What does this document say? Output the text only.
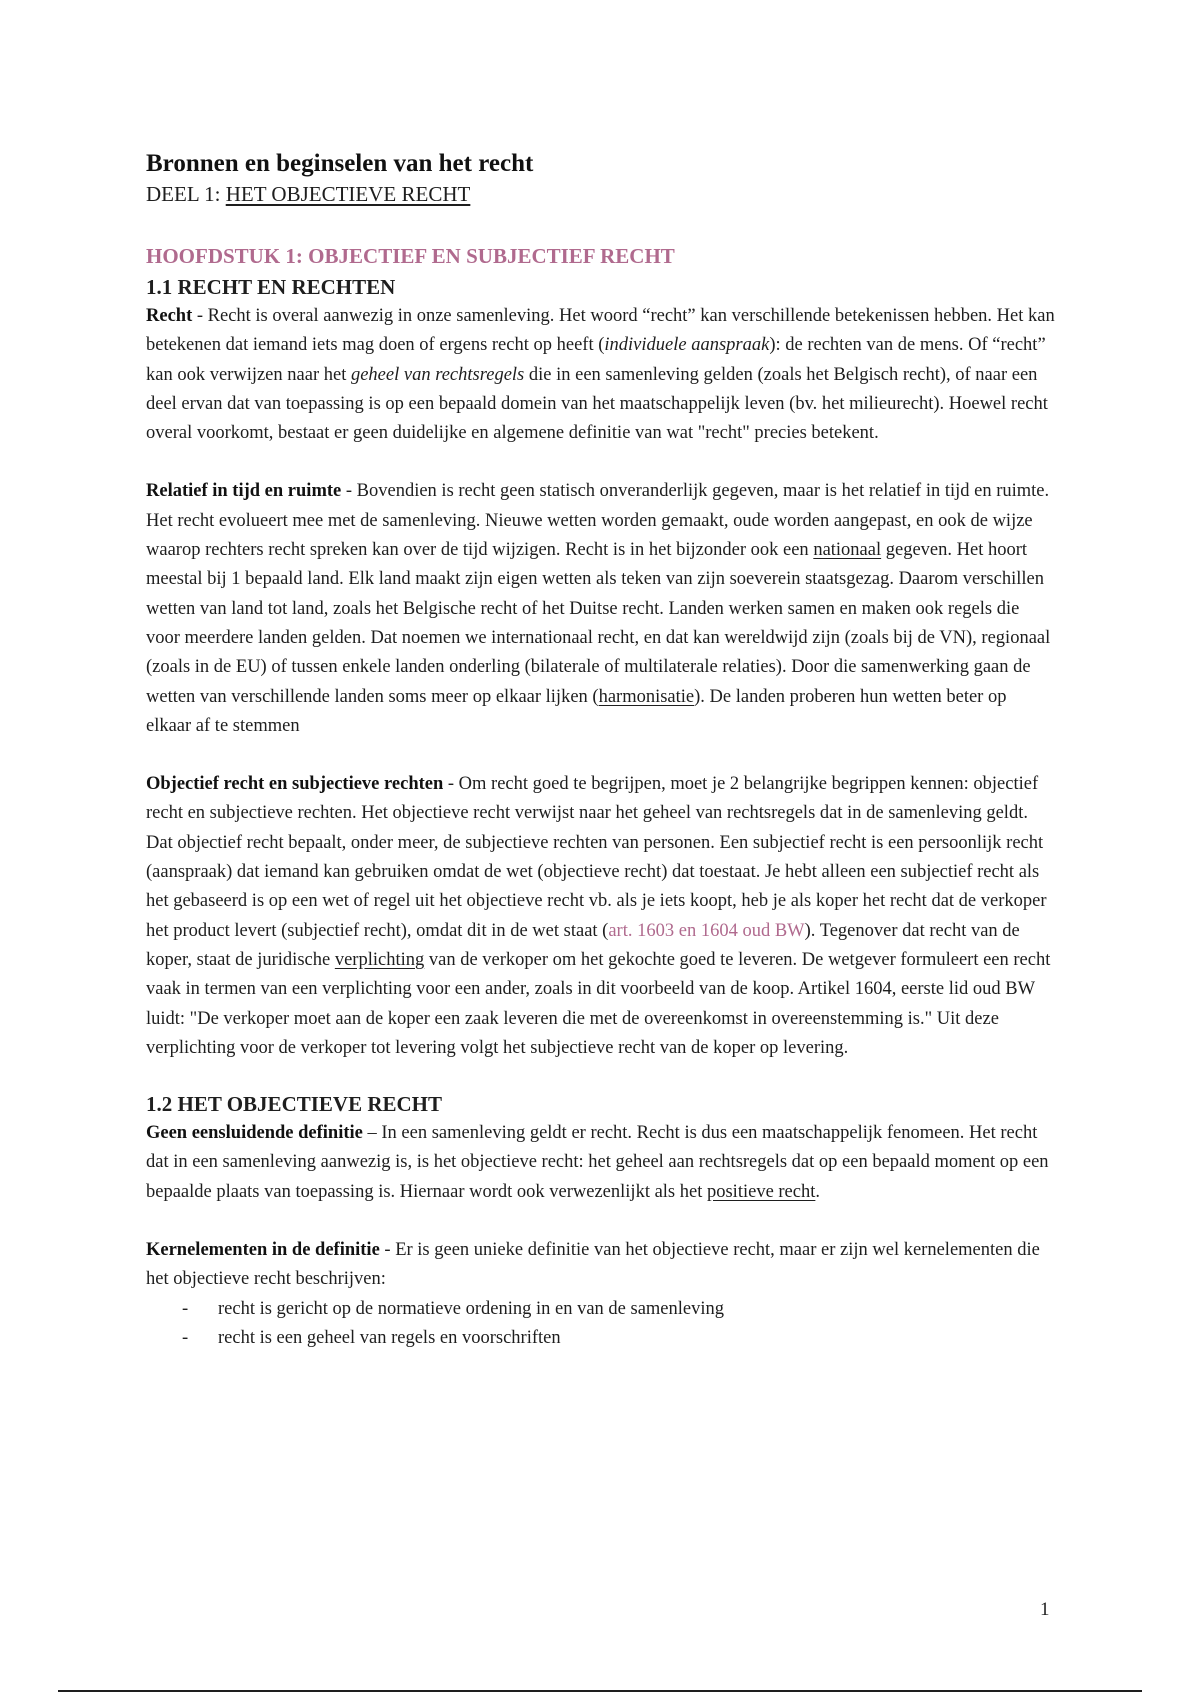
Bronnen en beginselen van het recht
DEEL 1: HET OBJECTIEVE RECHT
HOOFDSTUK 1: OBJECTIEF EN SUBJECTIEF RECHT
1.1 RECHT EN RECHTEN

Recht - Recht is overal aanwezig in onze samenleving. Het woord “recht” kan verschillende betekenissen hebben. Het kan betekenen dat iemand iets mag doen of ergens recht op heeft (individuele aanspraak): de rechten van de mens. Of “recht” kan ook verwijzen naar het geheel van rechtsregels die in een samenleving gelden (zoals het Belgisch recht), of naar een deel ervan dat van toepassing is op een bepaald domein van het maatschappelijk leven (bv. het milieurecht). Hoewel recht overal voorkomt, bestaat er geen duidelijke en algemene definitie van wat "recht" precies betekent.

Relatief in tijd en ruimte - Bovendien is recht geen statisch onveranderlijk gegeven, maar is het relatief in tijd en ruimte. Het recht evolueert mee met de samenleving. Nieuwe wetten worden gemaakt, oude worden aangepast, en ook de wijze waarop rechters recht spreken kan over de tijd wijzigen. Recht is in het bijzonder ook een nationaal gegeven. Het hoort meestal bij 1 bepaald land. Elk land maakt zijn eigen wetten als teken van zijn soeverein staatsgezag. Daarom verschillen wetten van land tot land, zoals het Belgische recht of het Duitse recht. Landen werken samen en maken ook regels die voor meerdere landen gelden. Dat noemen we internationaal recht, en dat kan wereldwijd zijn (zoals bij de VN), regionaal (zoals in de EU) of tussen enkele landen onderling (bilaterale of multilaterale relaties). Door die samenwerking gaan de wetten van verschillende landen soms meer op elkaar lijken (harmonisatie). De landen proberen hun wetten beter op elkaar af te stemmen

Objectief recht en subjectieve rechten - Om recht goed te begrijpen, moet je 2 belangrijke begrippen kennen: objectief recht en subjectieve rechten. Het objectieve recht verwijst naar het geheel van rechtsregels dat in de samenleving geldt. Dat objectief recht bepaalt, onder meer, de subjectieve rechten van personen. Een subjectief recht is een persoonlijk recht (aanspraak) dat iemand kan gebruiken omdat de wet (objectieve recht) dat toestaat. Je hebt alleen een subjectief recht als het gebaseerd is op een wet of regel uit het objectieve recht vb. als je iets koopt, heb je als koper het recht dat de verkoper het product levert (subjectief recht), omdat dit in de wet staat (art. 1603 en 1604 oud BW). Tegenover dat recht van de koper, staat de juridische verplichting van de verkoper om het gekochte goed te leveren. De wetgever formuleert een recht vaak in termen van een verplichting voor een ander, zoals in dit voorbeeld van de koop. Artikel 1604, eerste lid oud BW luidt: "De verkoper moet aan de koper een zaak leveren die met de overeenkomst in overeenstemming is." Uit deze verplichting voor de verkoper tot levering volgt het subjectieve recht van de koper op levering.

1.2 HET OBJECTIEVE RECHT

Geen eensluidende definitie – In een samenleving geldt er recht. Recht is dus een maatschappelijk fenomeen. Het recht dat in een samenleving aanwezig is, is het objectieve recht: het geheel aan rechtsregels dat op een bepaald moment op een bepaalde plaats van toepassing is. Hiernaar wordt ook verwezenlijkt als het positieve recht.

Kernelementen in de definitie - Er is geen unieke definitie van het objectieve recht, maar er zijn wel kernelementen die het objectieve recht beschrijven:

- recht is gericht op de normatieve ordening in en van de samenleving
- recht is een geheel van regels en voorschriften
1
